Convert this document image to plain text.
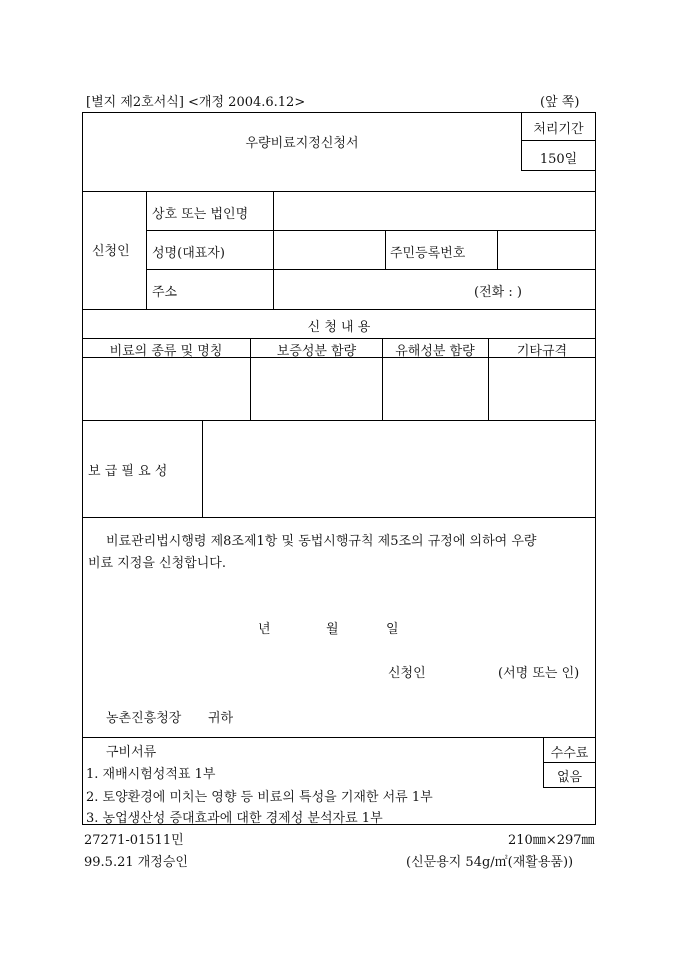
[별지 제2호서식] <개정 2004.6.12>	(앞 쪽)
우량비료지정신청서
처리기간
150일
신청인
상호 또는 법인명
성명(대표자)	주민등록번호
주소	(전화 : )
신 청 내 용
비료의 종류 및 명칭	보증성분 함량	유해성분 함량	기타규격
보 급 필 요 성
비료관리법시행령 제8조제1항 및 동법시행규칙 제5조의 규정에 의하여 우량
비료 지정을 신청합니다.
년	월	일
신청인	(서명 또는 인)
농촌진흥청장 귀하
구비서류
1. 재배시험성적표 1부
2. 토양환경에 미치는 영향 등 비료의 특성을 기재한 서류 1부
3. 농업생산성 증대효과에 대한 경제성 분석자료 1부
수수료
없음
27271-01511민	210㎜×297㎜
99.5.21 개정승인	(신문용지 54g/㎡(재활용품))
